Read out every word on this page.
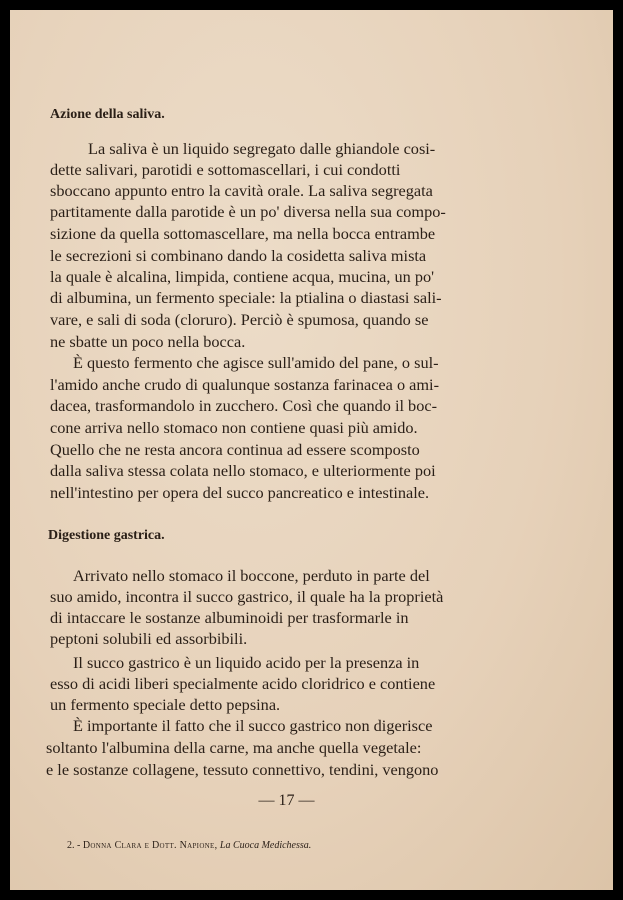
Azione della saliva.
La saliva è un liquido segregato dalle ghiandole cosi-
dette salivari, parotidi e sottomascellari, i cui condotti
sboccano appunto entro la cavità orale. La saliva segregata
partitamente dalla parotide è un po' diversa nella sua compo-
sizione da quella sottomascellare, ma nella bocca entrambe
le secrezioni si combinano dando la cosidetta saliva mista
la quale è alcalina, limpida, contiene acqua, mucina, un po'
di albumina, un fermento speciale: la ptialina o diastasi sali-
vare, e sali di soda (cloruro). Perciò è spumosa, quando se
ne sbatte un poco nella bocca.
È questo fermento che agisce sull'amido del pane, o sul-
l'amido anche crudo di qualunque sostanza farinacea o ami-
dacea, trasformandolo in zucchero. Così che quando il boc-
cone arriva nello stomaco non contiene quasi più amido.
Quello che ne resta ancora continua ad essere scomposto
dalla saliva stessa colata nello stomaco, e ulteriormente poi
nell'intestino per opera del succo pancreatico e intestinale.
Digestione gastrica.
Arrivato nello stomaco il boccone, perduto in parte del
suo amido, incontra il succo gastrico, il quale ha la proprietà
di intaccare le sostanze albuminoidi per trasformarle in
peptoni solubili ed assorbibili.
Il succo gastrico è un liquido acido per la presenza in
esso di acidi liberi specialmente acido cloridrico e contiene
un fermento speciale detto pepsina.
È importante il fatto che il succo gastrico non digerisce
soltanto l'albumina della carne, ma anche quella vegetale:
e le sostanze collagene, tessuto connettivo, tendini, vengono
— 17 —
2. - Donna Clara e Dott. Napione, La Cuoca Medichessa.
